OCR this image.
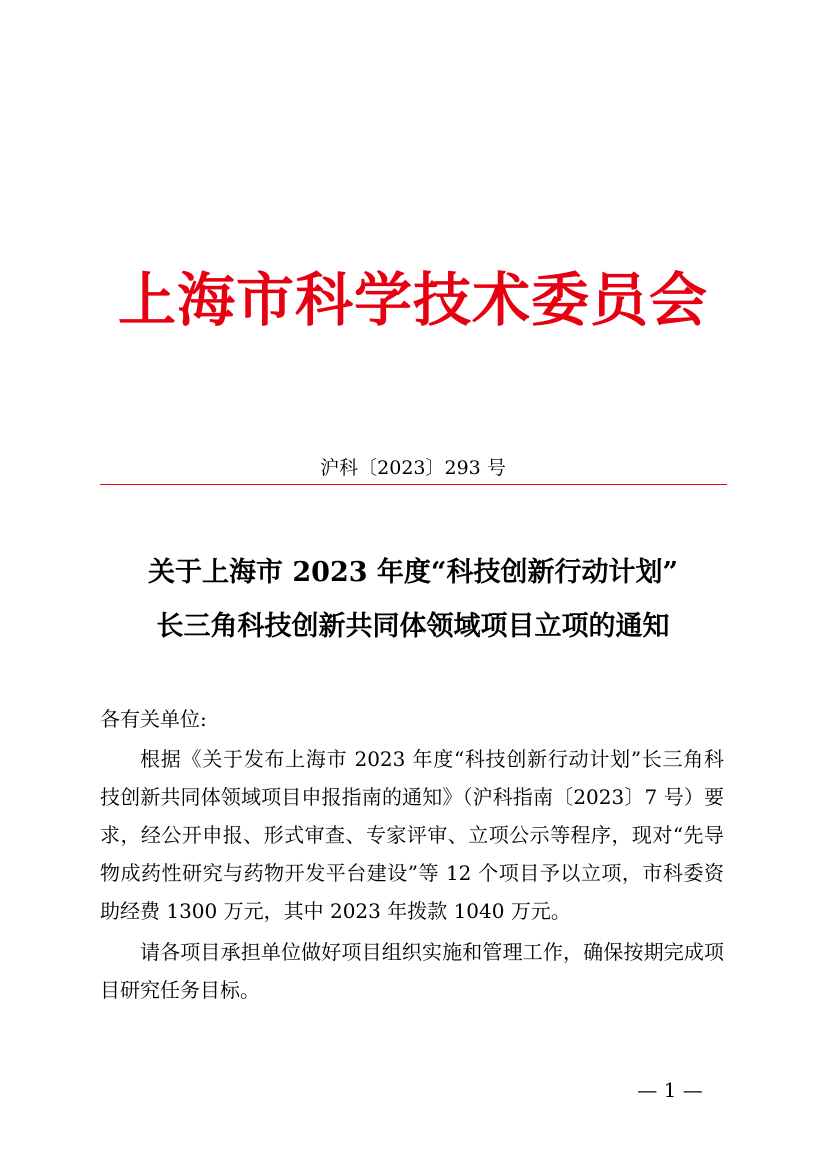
上海市科学技术委员会
沪科〔2023〕293 号
关于上海市 2023 年度“科技创新行动计划”
长三角科技创新共同体领域项目立项的通知
各有关单位:

根据《关于发布上海市 2023 年度“科技创新行动计划”长三角科技创新共同体领域项目申报指南的通知》（沪科指南〔2023〕7 号）要求，经公开申报、形式审查、专家评审、立项公示等程序，现对“先导物成药性研究与药物开发平台建设”等 12 个项目予以立项，市科委资助经费 1300 万元，其中 2023 年拨款 1040 万元。

请各项目承担单位做好项目组织实施和管理工作，确保按期完成项目研究任务目标。

— 1 —
